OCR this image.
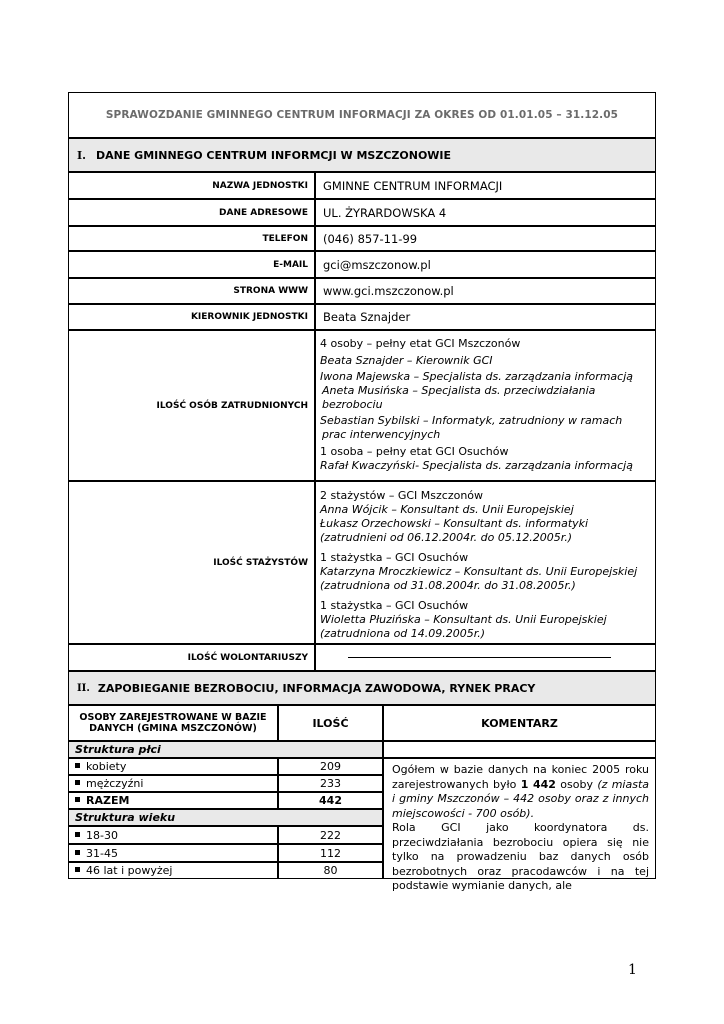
SPRAWOZDANIE GMINNEGO CENTRUM INFORMACJI ZA OKRES OD 01.01.05 – 31.12.05
I. DANE GMINNEGO CENTRUM INFORMCJI W MSZCZONOWIE
NAZWA JEDNOSTKI	GMINNE CENTRUM INFORMACJI
DANE ADRESOWE	UL. ŻYRARDOWSKA 4
TELEFON	(046) 857-11-99
E-MAIL	gci@mszczonow.pl
STRONA WWW	www.gci.mszczonow.pl
KIEROWNIK JEDNOSTKI	Beata Sznajder
ILOŚĆ OSÓB ZATRUDNIONYCH
4 osoby – pełny etat GCI Mszczonów
Beata Sznajder – Kierownik GCI
Iwona Majewska – Specjalista ds. zarządzania informacją
Aneta Musińska – Specjalista ds. przeciwdziałania
bezrobociu
Sebastian Sybilski – Informatyk, zatrudniony w ramach
prac interwencyjnych
1 osoba – pełny etat GCI Osuchów
Rafał Kwaczyński- Specjalista ds. zarządzania informacją
ILOŚĆ STAŻYSTÓW
2 stażystów – GCI Mszczonów
Anna Wójcik – Konsultant ds. Unii Europejskiej
Łukasz Orzechowski – Konsultant ds. informatyki
(zatrudnieni od 06.12.2004r. do 05.12.2005r.)
1 stażystka – GCI Osuchów
Katarzyna Mroczkiewicz – Konsultant ds. Unii Europejskiej
(zatrudniona od 31.08.2004r. do 31.08.2005r.)
1 stażystka – GCI Osuchów
Wioletta Płuzińska – Konsultant ds. Unii Europejskiej
(zatrudniona od 14.09.2005r.)
ILOŚĆ WOLONTARIUSZY
II. ZAPOBIEGANIE BEZROBOCIU, INFORMACJA ZAWODOWA, RYNEK PRACY
OSOBY ZAREJESTROWANE W BAZIE DANYCH (GMINA MSZCZONÓW)	ILOŚĆ	KOMENTARZ
Struktura płci
kobiety	209
mężczyźni	233
RAZEM	442
Struktura wieku
18-30	222
31-45	112
46 lat i powyżej	80
Ogółem w bazie danych na koniec 2005 roku zarejestrowanych było 1 442 osoby (z miasta i gminy Mszczonów – 442 osoby oraz z innych miejscowości - 700 osób).
Rola GCI jako koordynatora ds. przeciwdziałania bezrobociu opiera się nie tylko na prowadzeniu baz danych osób bezrobotnych oraz pracodawców i na tej podstawie wymianie danych, ale
1
